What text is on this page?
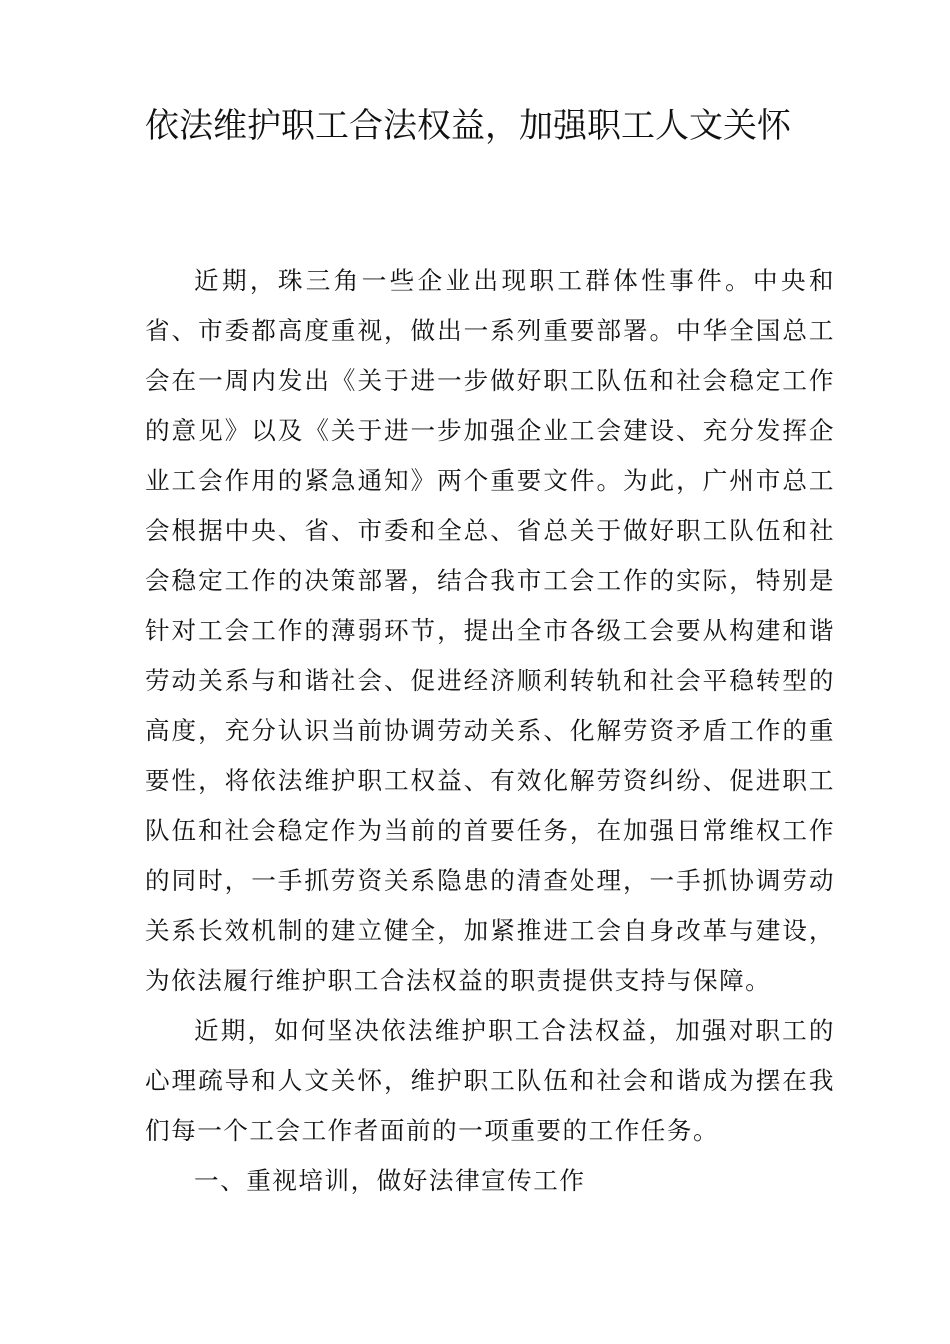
依法维护职工合法权益，加强职工人文关怀

近期，珠三角一些企业出现职工群体性事件。中央和省、市委都高度重视，做出一系列重要部署。中华全国总工会在一周内发出《关于进一步做好职工队伍和社会稳定工作的意见》以及《关于进一步加强企业工会建设、充分发挥企业工会作用的紧急通知》两个重要文件。为此，广州市总工会根据中央、省、市委和全总、省总关于做好职工队伍和社会稳定工作的决策部署，结合我市工会工作的实际，特别是针对工会工作的薄弱环节，提出全市各级工会要从构建和谐劳动关系与和谐社会、促进经济顺利转轨和社会平稳转型的高度，充分认识当前协调劳动关系、化解劳资矛盾工作的重要性，将依法维护职工权益、有效化解劳资纠纷、促进职工队伍和社会稳定作为当前的首要任务，在加强日常维权工作的同时，一手抓劳资关系隐患的清查处理，一手抓协调劳动关系长效机制的建立健全，加紧推进工会自身改革与建设，为依法履行维护职工合法权益的职责提供支持与保障。

近期，如何坚决依法维护职工合法权益，加强对职工的心理疏导和人文关怀，维护职工队伍和社会和谐成为摆在我们每一个工会工作者面前的一项重要的工作任务。

一、重视培训，做好法律宣传工作
